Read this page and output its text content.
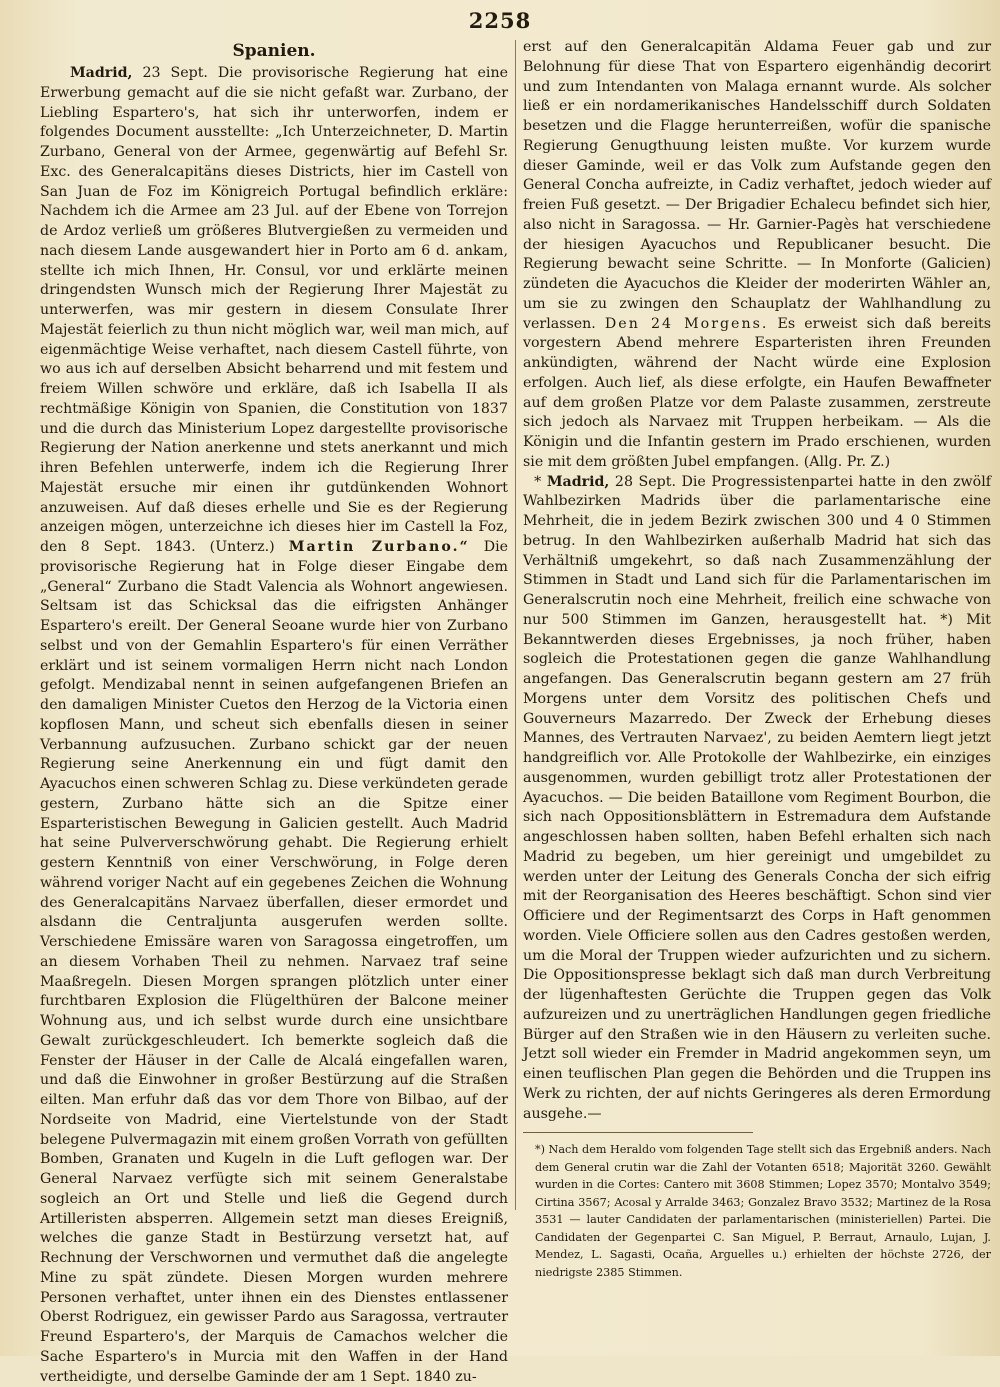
2258
Spanien.

Madrid, 23 Sept. Die provisorische Regierung hat eine Erwerbung gemacht auf die sie nicht gefaßt war. Zurbano, der Liebling Espartero's, hat sich ihr unterworfen, indem er folgendes Document ausstellte: „Ich Unterzeichneter, D. Martin Zurbano, General von der Armee, gegenwärtig auf Befehl Sr. Exc. des Generalcapitäns dieses Districts, hier im Castell von San Juan de Foz im Königreich Portugal befindlich erkläre: Nachdem ich die Armee am 23 Jul. auf der Ebene von Torrejon de Ardoz verließ um größeres Blutvergießen zu vermeiden und nach diesem Lande ausgewandert hier in Porto am 6 d. ankam, stellte ich mich Ihnen, Hr. Consul, vor und erklärte meinen dringendsten Wunsch mich der Regierung Ihrer Majestät zu unterwerfen, was mir gestern in diesem Consulate Ihrer Majestät feierlich zu thun nicht möglich war, weil man mich, auf eigenmächtige Weise verhaftet, nach diesem Castell führte, von wo aus ich auf derselben Absicht beharrend und mit festem und freiem Willen schwöre und erkläre, daß ich Isabella II als rechtmäßige Königin von Spanien, die Constitution von 1837 und die durch das Ministerium Lopez dargestellte provisorische Regierung der Nation anerkenne und stets anerkannt und mich ihren Befehlen unterwerfe, indem ich die Regierung Ihrer Majestät ersuche mir einen ihr gutdünkenden Wohnort anzuweisen. Auf daß dieses erhelle und Sie es der Regierung anzeigen mögen, unterzeichne ich dieses hier im Castell la Foz, den 8 Sept. 1843. (Unterz.) Martin Zurbano.“ Die provisorische Regierung hat in Folge dieser Eingabe dem „General“ Zurbano die Stadt Valencia als Wohnort angewiesen. Seltsam ist das Schicksal das die eifrigsten Anhänger Espartero's ereilt. Der General Seoane wurde hier von Zurbano selbst und von der Gemahlin Espartero's für einen Verräther erklärt und ist seinem vormaligen Herrn nicht nach London gefolgt. Mendizabal nennt in seinen aufgefangenen Briefen an den damaligen Minister Cuetos den Herzog de la Victoria einen kopflosen Mann, und scheut sich ebenfalls diesen in seiner Verbannung aufzusuchen. Zurbano schickt gar der neuen Regierung seine Anerkennung ein und fügt damit den Ayacuchos einen schweren Schlag zu. Diese verkündeten gerade gestern, Zurbano hätte sich an die Spitze einer Esparteristischen Bewegung in Galicien gestellt. Auch Madrid hat seine Pulververschwörung gehabt. Die Regierung erhielt gestern Kenntniß von einer Verschwörung, in Folge deren während voriger Nacht auf ein gegebenes Zeichen die Wohnung des Generalcapitäns Narvaez überfallen, dieser ermordet und alsdann die Centraljunta ausgerufen werden sollte. Verschiedene Emissäre waren von Saragossa eingetroffen, um an diesem Vorhaben Theil zu nehmen. Narvaez traf seine Maaßregeln. Diesen Morgen sprangen plötzlich unter einer furchtbaren Explosion die Flügelthüren der Balcone meiner Wohnung aus, und ich selbst wurde durch eine unsichtbare Gewalt zurückgeschleudert. Ich bemerkte sogleich daß die Fenster der Häuser in der Calle de Alcalá eingefallen waren, und daß die Einwohner in großer Bestürzung auf die Straßen eilten. Man erfuhr daß das vor dem Thore von Bilbao, auf der Nordseite von Madrid, eine Viertelstunde von der Stadt belegene Pulvermagazin mit einem großen Vorrath von gefüllten Bomben, Granaten und Kugeln in die Luft geflogen war. Der General Narvaez verfügte sich mit seinem Generalstabe sogleich an Ort und Stelle und ließ die Gegend durch Artilleristen absperren. Allgemein setzt man dieses Ereigniß, welches die ganze Stadt in Bestürzung versetzt hat, auf Rechnung der Verschwornen und vermuthet daß die angelegte Mine zu spät zündete. Diesen Morgen wurden mehrere Personen verhaftet, unter ihnen ein des Dienstes entlassener Oberst Rodriguez, ein gewisser Pardo aus Saragossa, vertrauter Freund Espartero's, der Marquis de Camachos welcher die Sache Espartero's in Murcia mit den Waffen in der Hand vertheidigte, und derselbe Gaminde der am 1 Sept. 1840 zu-

erst auf den Generalcapitän Aldama Feuer gab und zur Belohnung für diese That von Espartero eigenhändig decorirt und zum Intendanten von Malaga ernannt wurde. Als solcher ließ er ein nordamerikanisches Handelsschiff durch Soldaten besetzen und die Flagge herunterreißen, wofür die spanische Regierung Genugthuung leisten mußte. Vor kurzem wurde dieser Gaminde, weil er das Volk zum Aufstande gegen den General Concha aufreizte, in Cadiz verhaftet, jedoch wieder auf freien Fuß gesetzt. — Der Brigadier Echalecu befindet sich hier, also nicht in Saragossa. — Hr. Garnier-Pagès hat verschiedene der hiesigen Ayacuchos und Republicaner besucht. Die Regierung bewacht seine Schritte. — In Monforte (Galicien) zündeten die Ayacuchos die Kleider der moderirten Wähler an, um sie zu zwingen den Schauplatz der Wahlhandlung zu verlassen. Den 24 Morgens. Es erweist sich daß bereits vorgestern Abend mehrere Esparteristen ihren Freunden ankündigten, während der Nacht würde eine Explosion erfolgen. Auch lief, als diese erfolgte, ein Haufen Bewaffneter auf dem großen Platze vor dem Palaste zusammen, zerstreute sich jedoch als Narvaez mit Truppen herbeikam. — Als die Königin und die Infantin gestern im Prado erschienen, wurden sie mit dem größten Jubel empfangen. (Allg. Pr. Z.)

* Madrid, 28 Sept. Die Progressistenpartei hatte in den zwölf Wahlbezirken Madrids über die parlamentarische eine Mehrheit, die in jedem Bezirk zwischen 300 und 4 0 Stimmen betrug. In den Wahlbezirken außerhalb Madrid hat sich das Verhältniß umgekehrt, so daß nach Zusammenzählung der Stimmen in Stadt und Land sich für die Parlamentarischen im Generalscrutin noch eine Mehrheit, freilich eine schwache von nur 500 Stimmen im Ganzen, herausgestellt hat. *) Mit Bekanntwerden dieses Ergebnisses, ja noch früher, haben sogleich die Protestationen gegen die ganze Wahlhandlung angefangen. Das Generalscrutin begann gestern am 27 früh Morgens unter dem Vorsitz des politischen Chefs und Gouverneurs Mazarredo. Der Zweck der Erhebung dieses Mannes, des Vertrauten Narvaez', zu beiden Aemtern liegt jetzt handgreiflich vor. Alle Protokolle der Wahlbezirke, ein einziges ausgenommen, wurden gebilligt trotz aller Protestationen der Ayacuchos. — Die beiden Bataillone vom Regiment Bourbon, die sich nach Oppositionsblättern in Estremadura dem Aufstande angeschlossen haben sollten, haben Befehl erhalten sich nach Madrid zu begeben, um hier gereinigt und umgebildet zu werden unter der Leitung des Generals Concha der sich eifrig mit der Reorganisation des Heeres beschäftigt. Schon sind vier Officiere und der Regimentsarzt des Corps in Haft genommen worden. Viele Officiere sollen aus den Cadres gestoßen werden, um die Moral der Truppen wieder aufzurichten und zu sichern. Die Oppositionspresse beklagt sich daß man durch Verbreitung der lügenhaftesten Gerüchte die Truppen gegen das Volk aufzureizen und zu unerträglichen Handlungen gegen friedliche Bürger auf den Straßen wie in den Häusern zu verleiten suche. Jetzt soll wieder ein Fremder in Madrid angekommen seyn, um einen teuflischen Plan gegen die Behörden und die Truppen ins Werk zu richten, der auf nichts Geringeres als deren Ermordung ausgehe.—

*) Nach dem Heraldo vom folgenden Tage stellt sich das Ergebniß anders. Nach dem General crutin war die Zahl der Votanten 6518; Majorität 3260. Gewählt wurden in die Cortes: Cantero mit 3608 Stimmen; Lopez 3570; Montalvo 3549; Cirtina 3567; Acosal y Arralde 3463; Gonzalez Bravo 3532; Martinez de la Rosa 3531 — lauter Candidaten der parlamentarischen (ministeriellen) Partei. Die Candidaten der Gegenpartei C. San Miguel, P. Berraut, Arnaulo, Lujan, J. Mendez, L. Sagasti, Ocaña, Arguelles u.) erhielten der höchste 2726, der niedrigste 2385 Stimmen.
